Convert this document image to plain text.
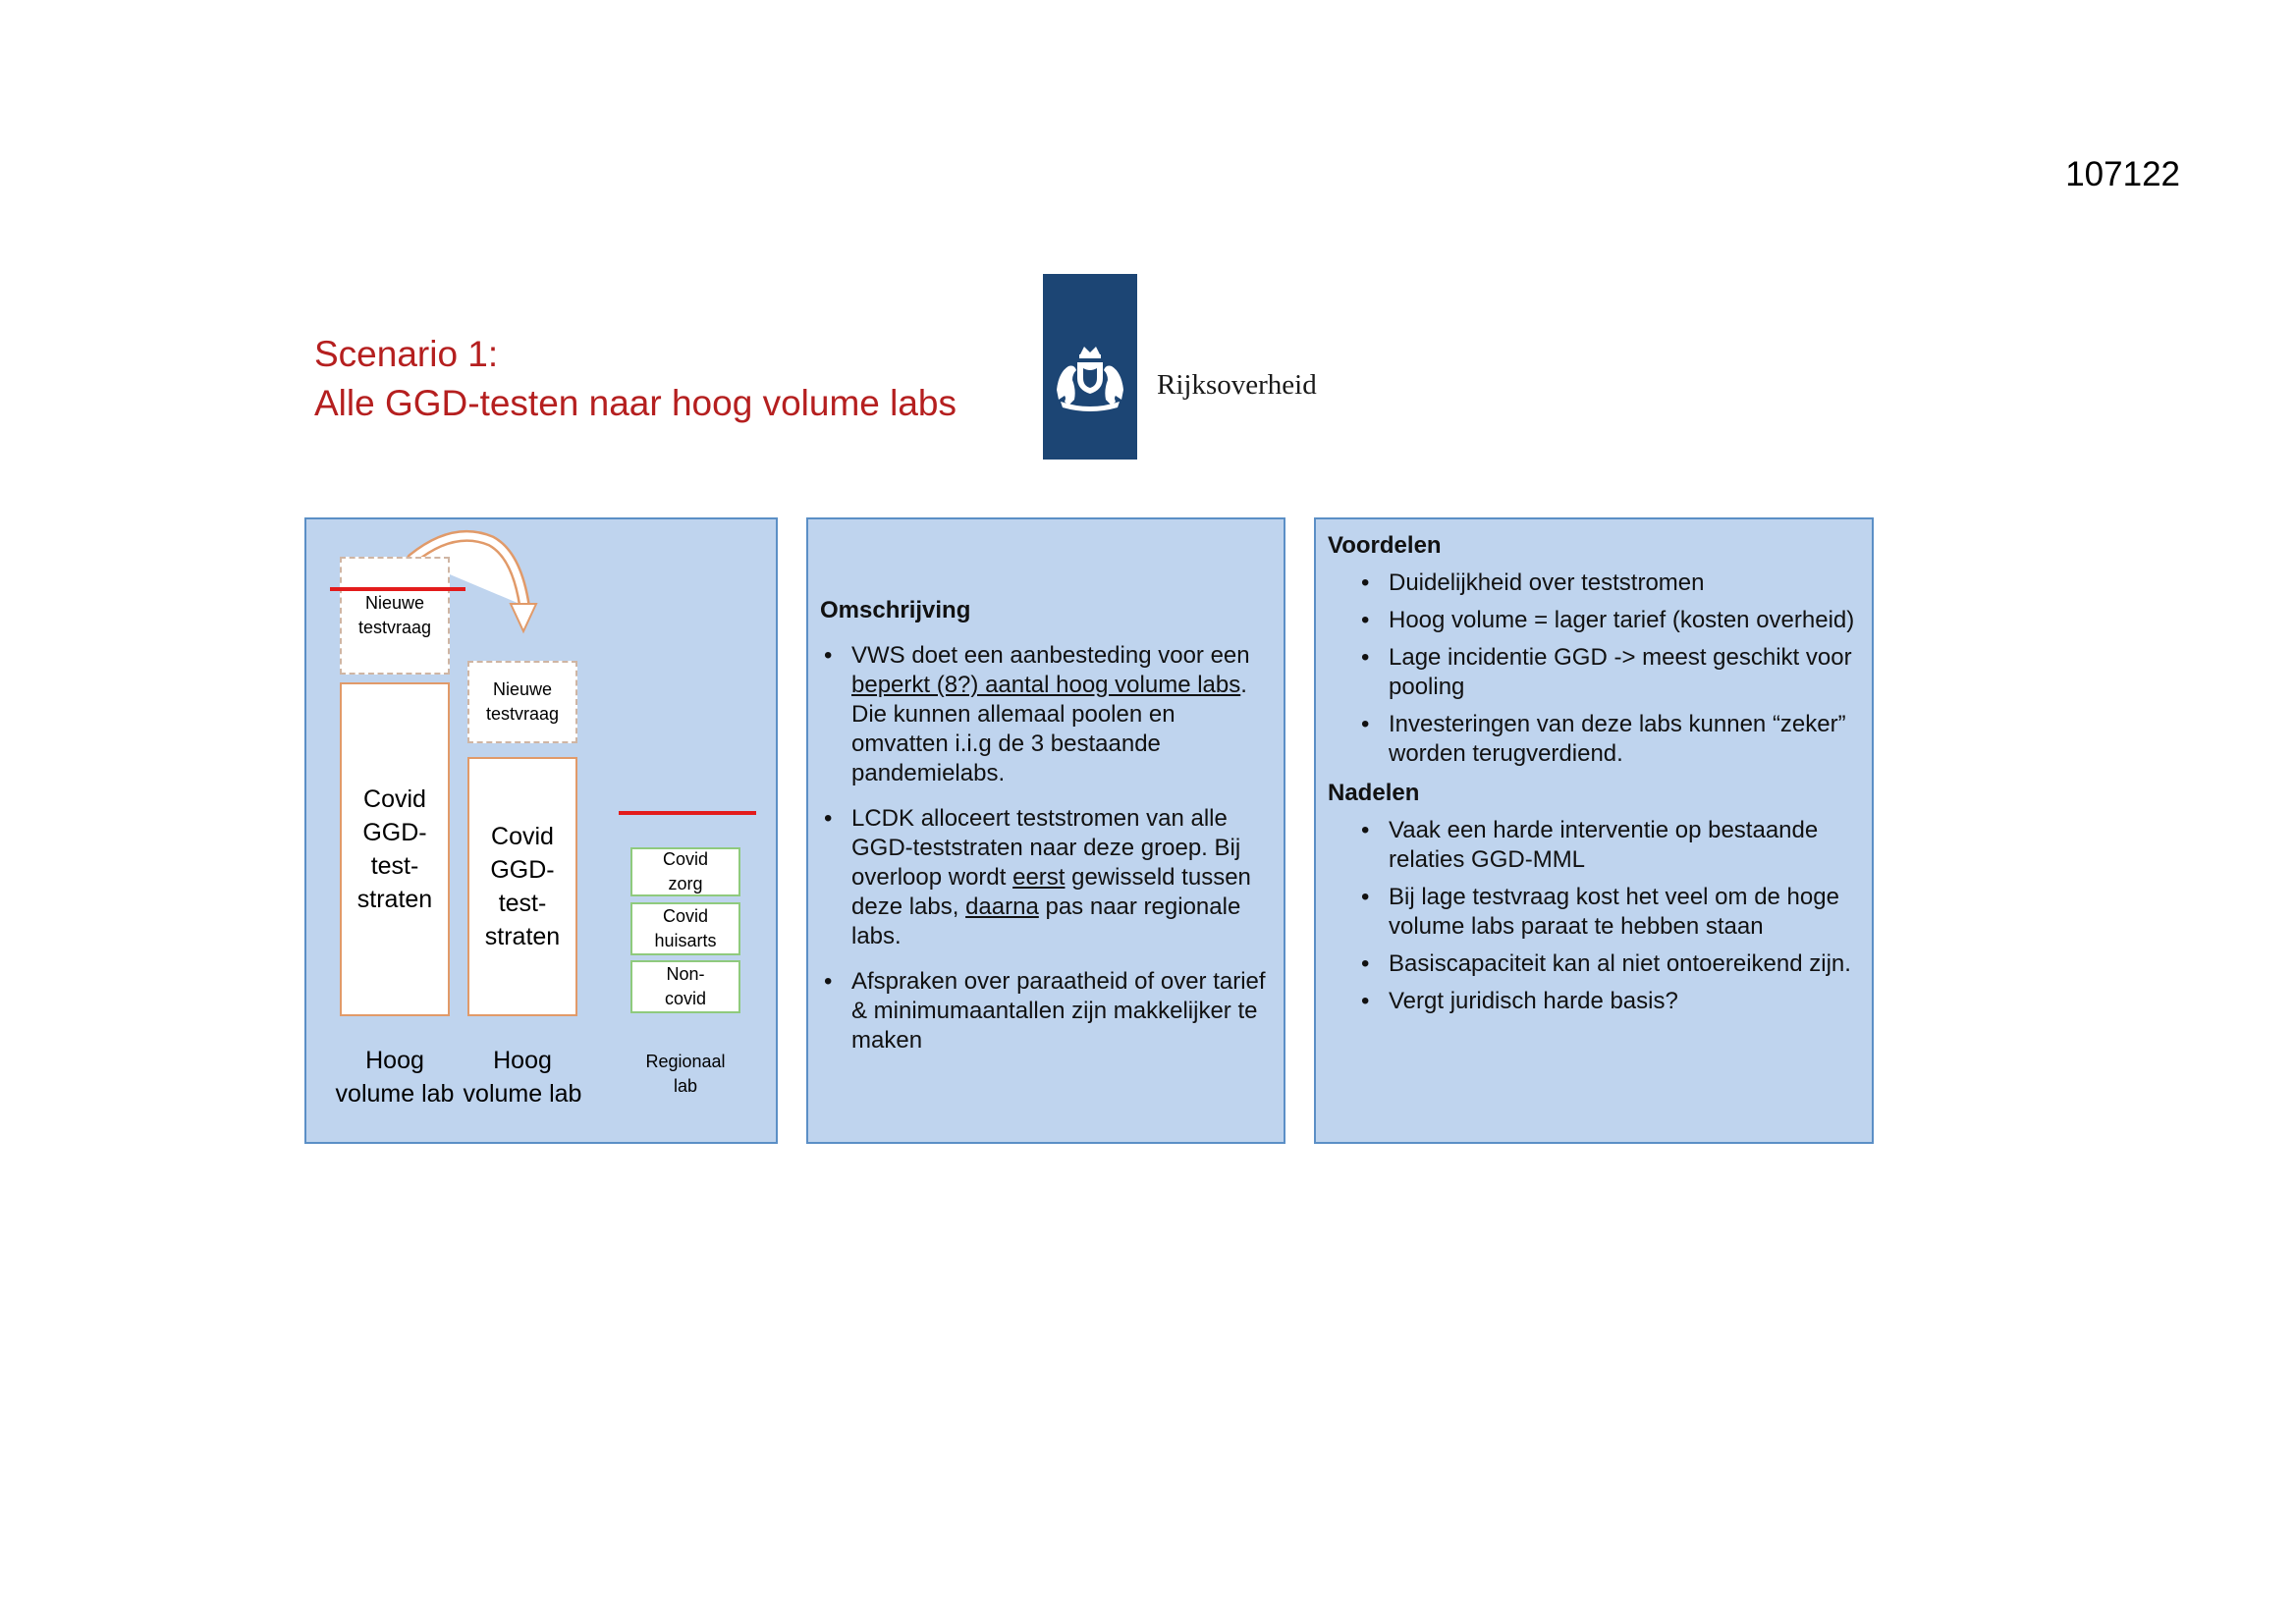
107122
Scenario 1:
Alle GGD-testen naar hoog volume labs	Rijksoverheid
Nieuwe testvraag
Covid GGD-test-straten
Nieuwe testvraag
Covid GGD-test-straten
Covid zorg
Covid huisarts
Non-covid
Hoog volume lab
Hoog volume lab
Regionaal lab
Omschrijving
• VWS doet een aanbesteding voor een beperkt (8?) aantal hoog volume labs. Die kunnen allemaal poolen en omvatten i.i.g de 3 bestaande pandemielabs.
• LCDK alloceert teststromen van alle GGD-teststraten naar deze groep. Bij overloop wordt eerst gewisseld tussen deze labs, daarna pas naar regionale labs.
• Afspraken over paraatheid of over tarief & minimumaantallen zijn makkelijker te maken
Voordelen
• Duidelijkheid over teststromen
• Hoog volume = lager tarief (kosten overheid)
• Lage incidentie GGD -> meest geschikt voor pooling
• Investeringen van deze labs kunnen “zeker” worden terugverdiend.
Nadelen
• Vaak een harde interventie op bestaande relaties GGD-MML
• Bij lage testvraag kost het veel om de hoge volume labs paraat te hebben staan
• Basiscapaciteit kan al niet ontoereikend zijn.
• Vergt juridisch harde basis?
